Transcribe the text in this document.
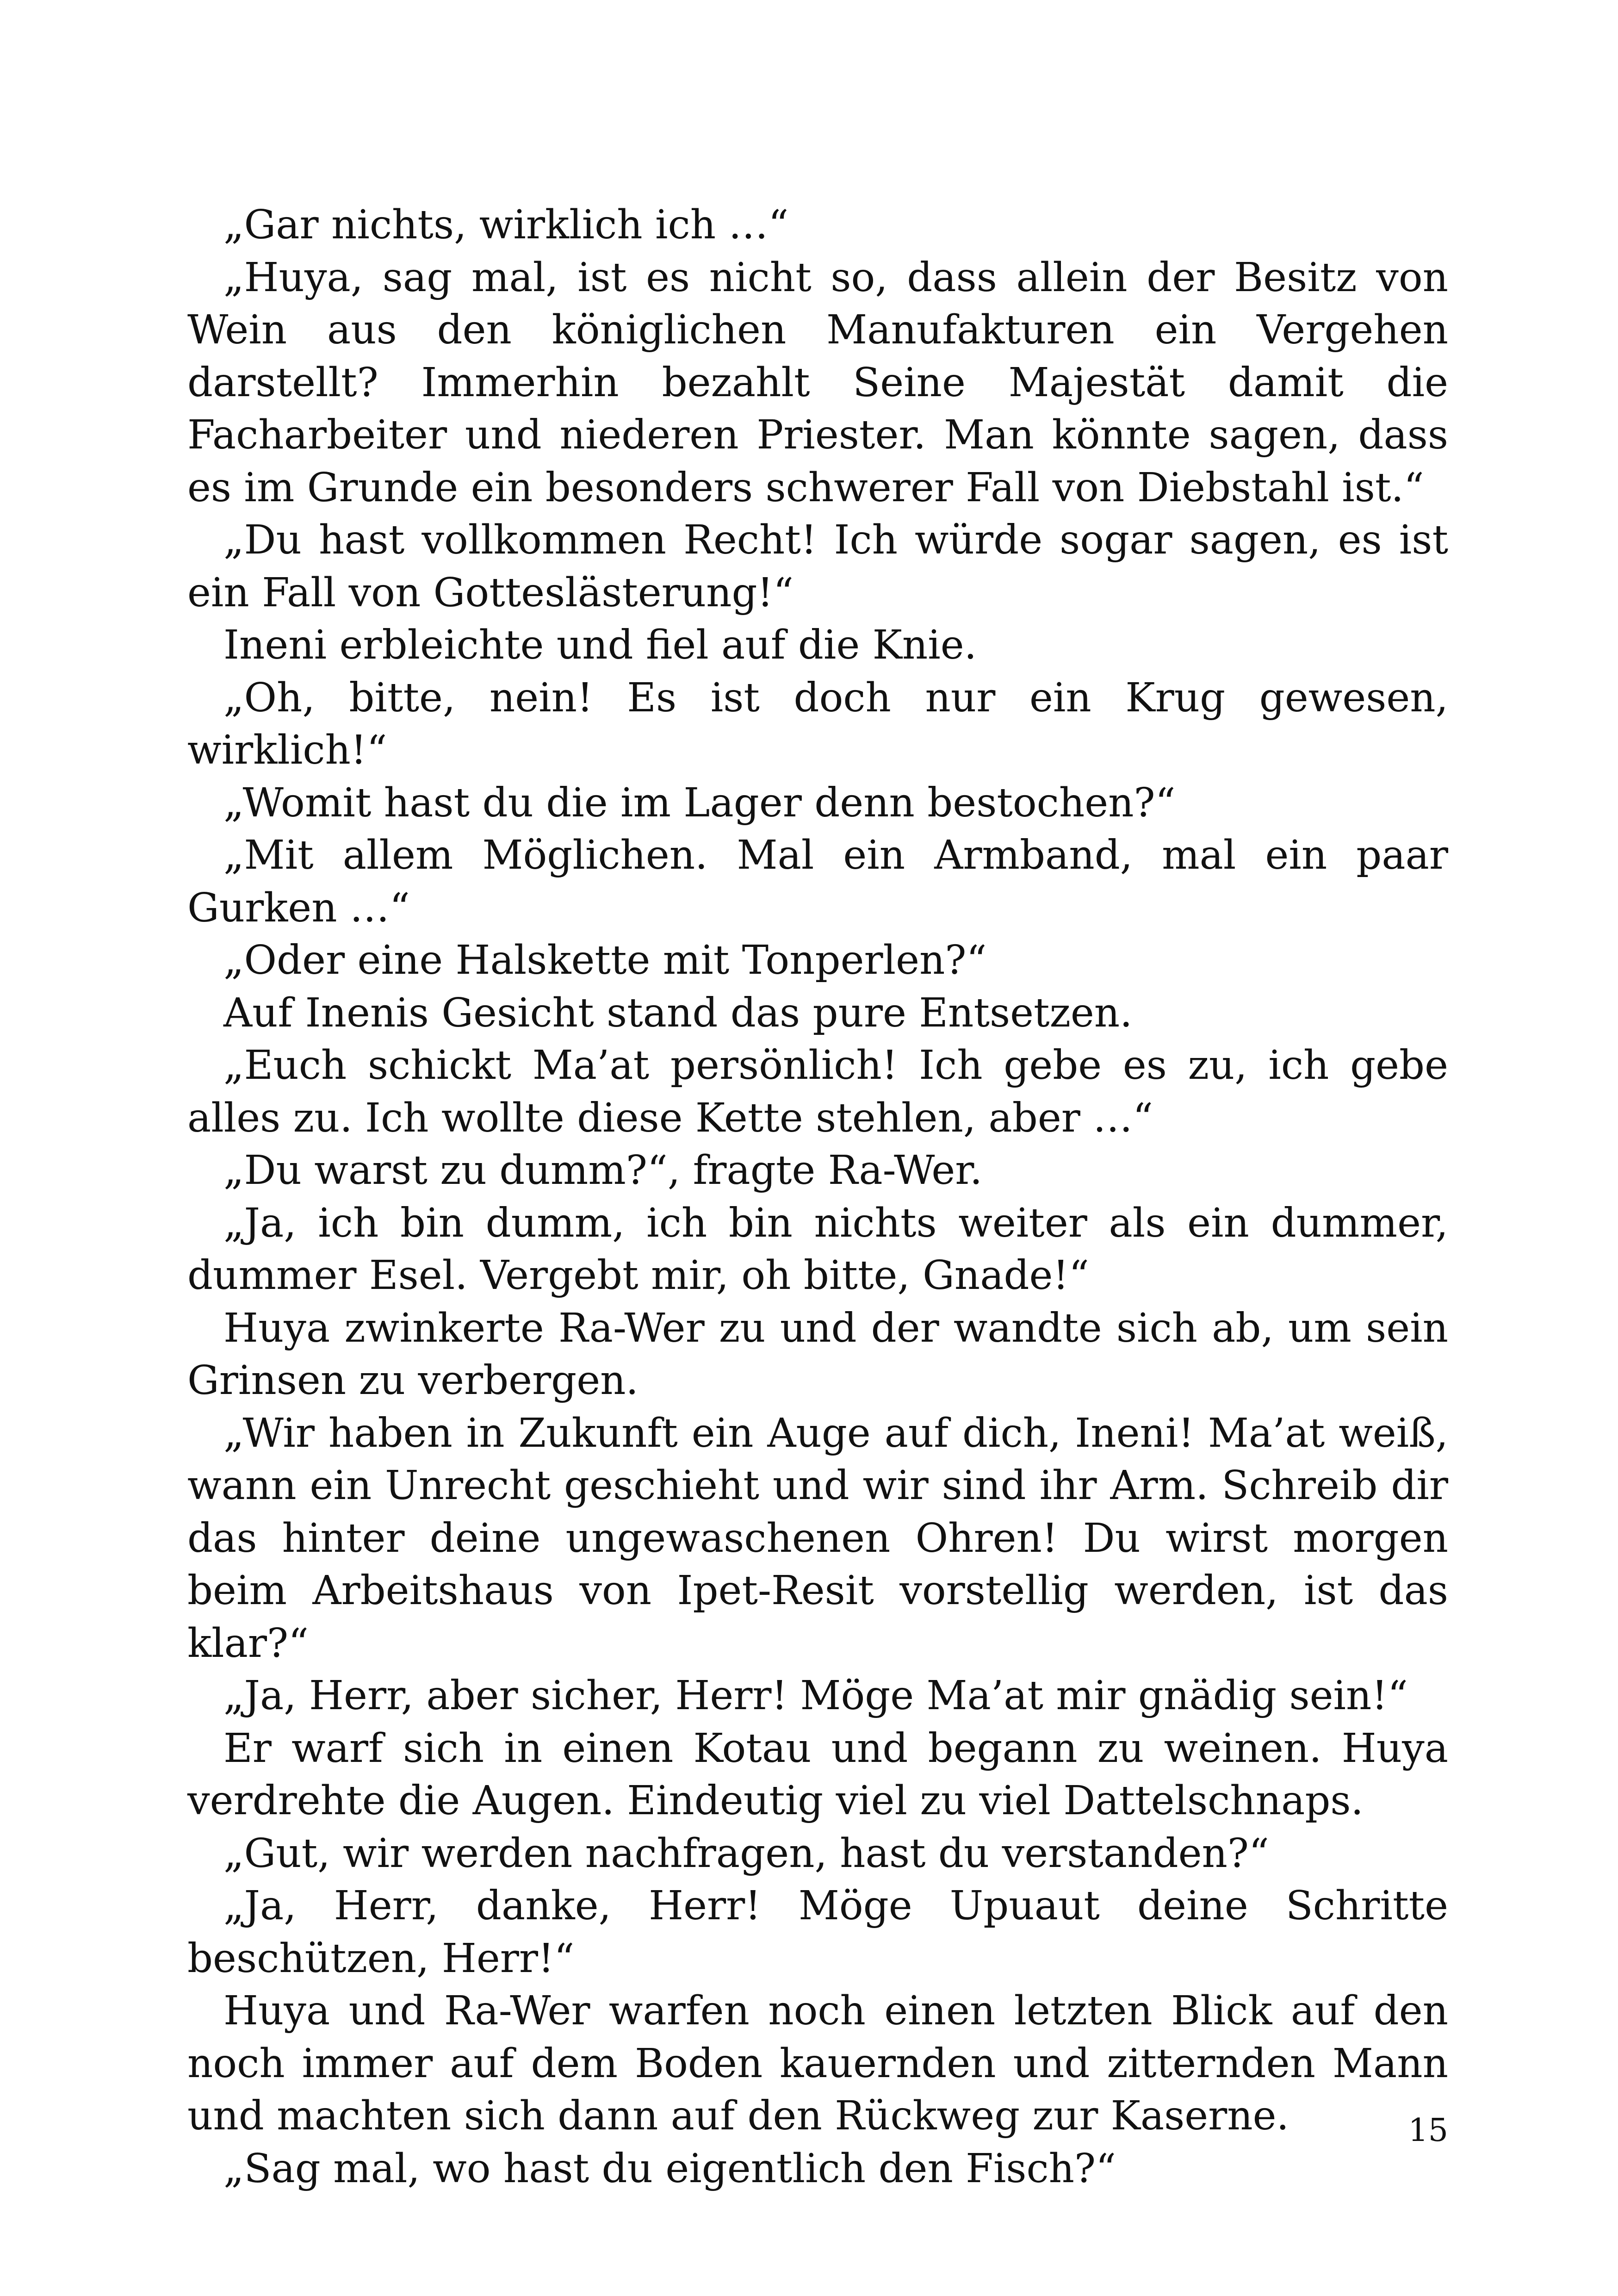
„Gar nichts, wirklich ich …“

„Huya, sag mal, ist es nicht so, dass allein der Besitz von Wein aus den königlichen Manufakturen ein Vergehen darstellt? Immerhin bezahlt Seine Majestät damit die Facharbeiter und niederen Priester. Man könnte sagen, dass es im Grunde ein besonders schwerer Fall von Diebstahl ist.“

„Du hast vollkommen Recht! Ich würde sogar sagen, es ist ein Fall von Gotteslästerung!“

Ineni erbleichte und fiel auf die Knie.

„Oh, bitte, nein! Es ist doch nur ein Krug gewesen, wirklich!“

„Womit hast du die im Lager denn bestochen?“

„Mit allem Möglichen. Mal ein Armband, mal ein paar Gurken …“

„Oder eine Halskette mit Tonperlen?“

Auf Inenis Gesicht stand das pure Entsetzen.

„Euch schickt Ma’at persönlich! Ich gebe es zu, ich gebe alles zu. Ich wollte diese Kette stehlen, aber …“

„Du warst zu dumm?“, fragte Ra-Wer.

„Ja, ich bin dumm, ich bin nichts weiter als ein dummer, dummer Esel. Vergebt mir, oh bitte, Gnade!“

Huya zwinkerte Ra-Wer zu und der wandte sich ab, um sein Grinsen zu verbergen.

„Wir haben in Zukunft ein Auge auf dich, Ineni! Ma’at weiß, wann ein Unrecht geschieht und wir sind ihr Arm. Schreib dir das hinter deine ungewaschenen Ohren! Du wirst morgen beim Arbeitshaus von Ipet-Resit vorstellig werden, ist das klar?“

„Ja, Herr, aber sicher, Herr! Möge Ma’at mir gnädig sein!“

Er warf sich in einen Kotau und begann zu weinen. Huya verdrehte die Augen. Eindeutig viel zu viel Dattelschnaps.

„Gut, wir werden nachfragen, hast du verstanden?“

„Ja, Herr, danke, Herr! Möge Upuaut deine Schritte beschützen, Herr!“

Huya und Ra-Wer warfen noch einen letzten Blick auf den noch immer auf dem Boden kauernden und zitternden Mann und machten sich dann auf den Rückweg zur Kaserne.

„Sag mal, wo hast du eigentlich den Fisch?“

15
